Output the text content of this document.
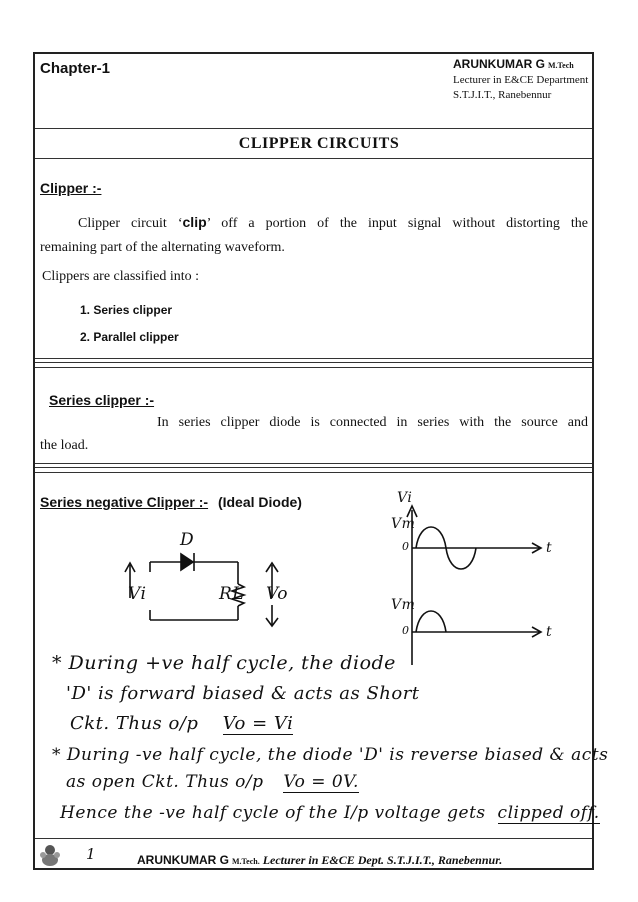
Chapter-1	ARUNKUMAR G M.Tech
Lecturer in E&CE Department
S.T.J.I.T., Ranebennur
CLIPPER CIRCUITS
Clipper :-
Clipper circuit ‘clip’ off a portion of the input signal without distorting the
remaining part of the alternating waveform.
Clippers are classified into :
1. Series clipper
2. Parallel clipper
Series clipper :-
In series clipper diode is connected in series with the source and
the load.
Series negative Clipper :- (Ideal Diode)
D
Vi	RL Vo
Vi
Vm
0	t
Vm
0	t
* During +ve half cycle, the diode
'D' is forward biased & acts as Short
Ckt. Thus o/p Vo = Vi
* During -ve half cycle, the diode 'D' is reverse biased & acts
as open Ckt. Thus o/p Vo = 0V.
Hence the -ve half cycle of the I/p voltage gets clipped off.
1	ARUNKUMAR G M.Tech. Lecturer in E&CE Dept. S.T.J.I.T., Ranebennur.
